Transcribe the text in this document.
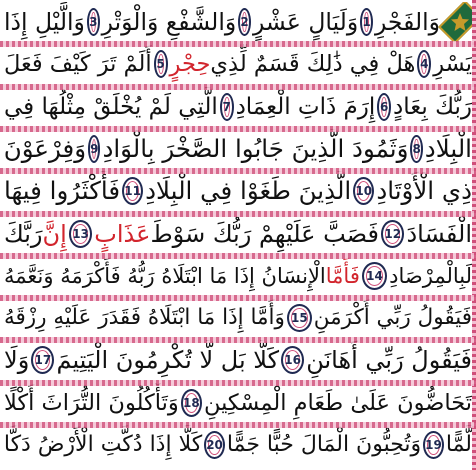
وَالفَجْرِ
1
وَلَيَالٍ عَشْرٍ
2
وَالشَّفْعِ وَالْوَتْرِ
3
وَالَّيْلِ إِذَا
يَسْرِ
4
هَلْ فِي ذَٰلِكَ قَسَمٌ لِّذِي
حِجْرٍ
5
أَلَمْ تَرَ كَيْفَ فَعَلَ
رَبُّكَ بِعَادٍ
6
إِرَمَ ذَاتِ الْعِمَادِ
7
الَّتِي لَمْ يُخْلَقْ مِثْلُهَا فِي
الْبِلَادِ
8
وَثَمُودَ الَّذِينَ جَابُوا الصَّخْرَ بِالْوَادِ
9
وَفِرْعَوْنَ
ذِي الْأَوْتَادِ
10
الَّذِينَ طَغَوْا فِي الْبِلَادِ
11
فَأَكْثَرُوا فِيهَا
الْفَسَادَ
12
فَصَبَّ عَلَيْهِمْ رَبُّكَ سَوْطَ
عَذَابٍ
13
إِنَّ
رَبَّكَ
لَبِالْمِرْصَادِ
14
فَأَمَّا
الْإِنسَانُ إِذَا مَا ابْتَلَاهُ رَبُّهُ فَأَكْرَمَهُ وَنَعَّمَهُ
فَيَقُولُ رَبِّي أَكْرَمَنِ
15
وَأَمَّا إِذَا مَا ابْتَلَاهُ فَقَدَرَ عَلَيْهِ رِزْقَهُ
فَيَقُولُ رَبِّي أَهَانَنِ
16
كَلَّا بَل لَّا تُكْرِمُونَ الْيَتِيمَ
17
وَلَا
تَحَاضُّونَ عَلَىٰ طَعَامِ الْمِسْكِينِ
18
وَتَأْكُلُونَ التُّرَاثَ أَكْلًا
لَّمًّا
19
وَتُحِبُّونَ الْمَالَ حُبًّا جَمًّا
20
كَلَّا إِذَا دُكَّتِ الْأَرْضُ دَكًّا
